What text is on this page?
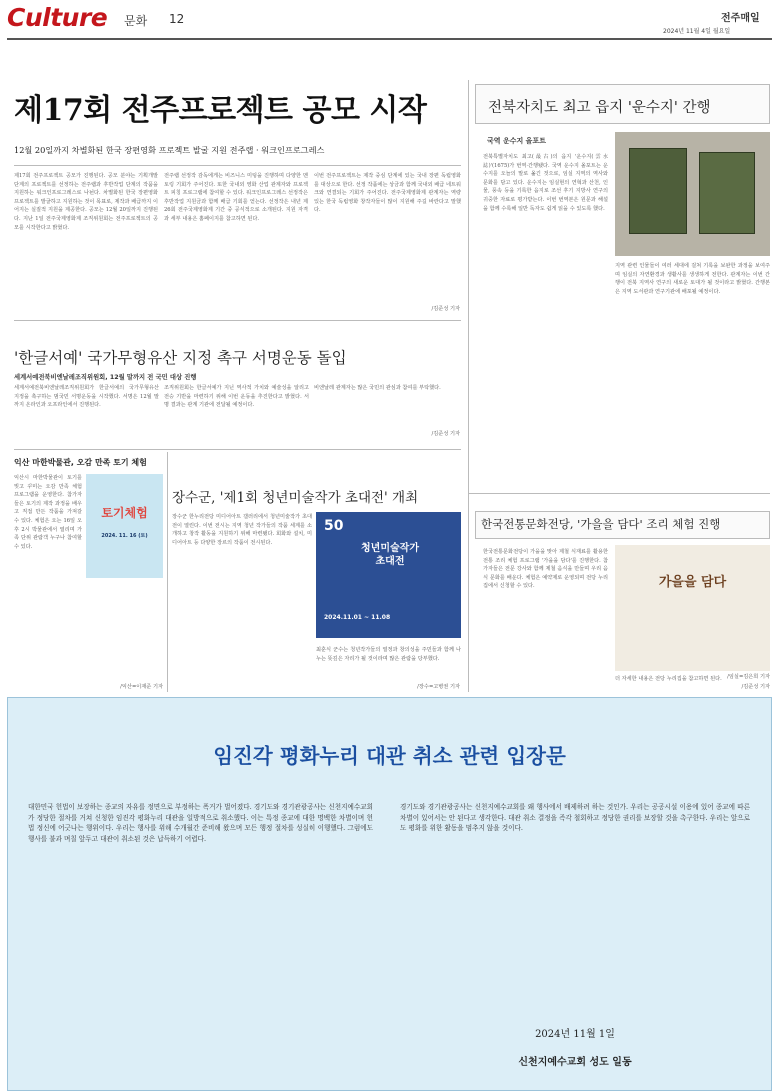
Culture 문화 12	전주매일
2024년 11월 4일 월요일
제17회 전주프로젝트 공모 시작
12월 20일까지 차별화된 한국 장편영화 프로젝트 발굴 지원 전주랩 · 워크인프로그레스
제17회 전주프로젝트 공모가 진행된다. 공모 분야는 기획개발 단계의 프로젝트를 선정하는 전주랩과 후반작업 단계의 작품을 지원하는 워크인프로그레스로 나뉜다. 차별화된 한국 장편영화 프로젝트를 발굴하고 지원하는 것이 목표로, 제작과 배급까지 이어지는 실질적 지원을 제공한다. 공모는 12월 20일까지 진행된다. 지난 1일 전주국제영화제 조직위원회는 전주프로젝트의 공모를 시작한다고 밝혔다.
전주랩 선정작 감독에게는 비즈니스 미팅을 진행하며 다양한 멘토링 기회가 주어진다. 또한 국내외 영화 산업 관계자와 프로젝트 피칭 프로그램에 참여할 수 있다. 워크인프로그레스 선정작은 후반작업 지원금과 함께 배급 기회를 얻는다. 선정작은 내년 제26회 전주국제영화제 기간 중 공식적으로 소개된다. 지원 자격과 세부 내용은 홈페이지를 참고하면 된다.
이번 전주프로젝트는 제작 중심 단계에 있는 국내 장편 독립영화를 대상으로 한다. 선정 작품에는 상금과 함께 국내외 배급 네트워크와 연결되는 기회가 주어진다. 전주국제영화제 관계자는 역량 있는 한국 독립영화 창작자들이 많이 지원해 주길 바란다고 말했다.
/김준성 기자
전북자치도 최고 읍지 '운수지' 간행
국역 운수지 올포트
전북특별자치도 최고(最古)의 읍지 '운수지(雲水誌)'(1675)가 번역·간행됐다. 국역 운수지 올포트는 운수지를 오늘의 말로 옮긴 것으로, 임실 지역의 역사와 문화를 담고 있다. 운수지는 임실현의 연혁과 산천, 인물, 풍속 등을 기록한 읍지로 조선 후기 지방사 연구의 귀중한 자료로 평가받는다. 이번 번역본은 원문과 해설을 함께 수록해 일반 독자도 쉽게 읽을 수 있도록 했다.
지역 관련 인물들이 여러 세대에 걸쳐 기록을 보완한 과정을 보여주며 임실의 자연환경과 생활사를 생생하게 전한다. 관계자는 이번 간행이 전북 지역사 연구의 새로운 토대가 될 것이라고 밝혔다. 간행본은 지역 도서관과 연구기관에 배포될 예정이다.
/임실=김은희 기자
'한글서예' 국가무형유산 지정 촉구 서명운동 돌입
세계서예전북비엔날레조직위원회, 12월 말까지 전 국민 대상 진행
세계서예전북비엔날레조직위원회가 한글서예의 국가무형유산 지정을 촉구하는 범국민 서명운동을 시작했다. 서명은 12월 말까지 온라인과 오프라인에서 진행된다.
조직위원회는 한글서예가 지닌 역사적 가치와 예술성을 알리고 전승 기반을 마련하기 위해 이번 운동을 추진한다고 밝혔다. 서명 결과는 관계 기관에 전달될 예정이다.
비엔날레 관계자는 많은 국민의 관심과 참여를 부탁했다.
/김준성 기자
익산 마한박물관, 오감 만족 토기 체험
익산시 마한박물관이 토기를 빚고 꾸미는 오감 만족 체험 프로그램을 운영한다. 참가자들은 토기의 제작 과정을 배우고 직접 만든 작품을 가져갈 수 있다. 체험은 오는 16일 오후 2시 박물관에서 열리며 가족 단위 관람객 누구나 참여할 수 있다.
토기체험
2024. 11. 16 (토)
/익산=이재준 기자
장수군, '제1회 청년미술작가 초대전' 개최
장수군 한누리전당 미디어아트 갤러리에서 청년미술작가 초대전이 열린다. 이번 전시는 지역 청년 작가들의 작품 세계를 소개하고 창작 활동을 지원하기 위해 마련됐다. 회화와 설치, 미디어아트 등 다양한 장르의 작품이 전시된다.
50
청년미술작가초대전
2024.11.01 ~ 11.08
최훈식 군수는 청년작가들의 열정과 창의성을 주민들과 함께 나누는 뜻깊은 자리가 될 것이라며 많은 관람을 당부했다.
/장수=고병권 기자
한국전통문화전당, '가을을 담다' 조리 체험 진행
한국전통문화전당이 가을을 맞아 제철 식재료를 활용한 전통 조리 체험 프로그램 '가을을 담다'를 진행한다. 참가자들은 전문 강사와 함께 제철 음식을 만들며 우리 음식 문화를 배운다. 체험은 예약제로 운영되며 전당 누리집에서 신청할 수 있다.	가을을 담다
더 자세한 내용은 전당 누리집을 참고하면 된다.
/김준성 기자
임진각 평화누리 대관 취소 관련 입장문
대한민국 헌법이 보장하는 종교의 자유를 정면으로 부정하는 폭거가 벌어졌다. 경기도와 경기관광공사는 신천지예수교회가 정당한 절차를 거쳐 신청한 임진각 평화누리 대관을 일방적으로 취소했다. 이는 특정 종교에 대한 명백한 차별이며 헌법 정신에 어긋나는 행위이다. 우리는 행사를 위해 수개월간 준비해 왔으며 모든 행정 절차를 성실히 이행했다. 그럼에도 행사를 불과 며칠 앞두고 대관이 취소된 것은 납득하기 어렵다.
경기도와 경기관광공사는 신천지예수교회를 왜 행사에서 배제하려 하는 것인가. 우리는 공공시설 이용에 있어 종교에 따른 차별이 있어서는 안 된다고 생각한다. 대관 취소 결정을 즉각 철회하고 정당한 권리를 보장할 것을 촉구한다. 우리는 앞으로도 평화를 위한 활동을 멈추지 않을 것이다.
2024년 11월 1일
신천지예수교회 성도 일동
